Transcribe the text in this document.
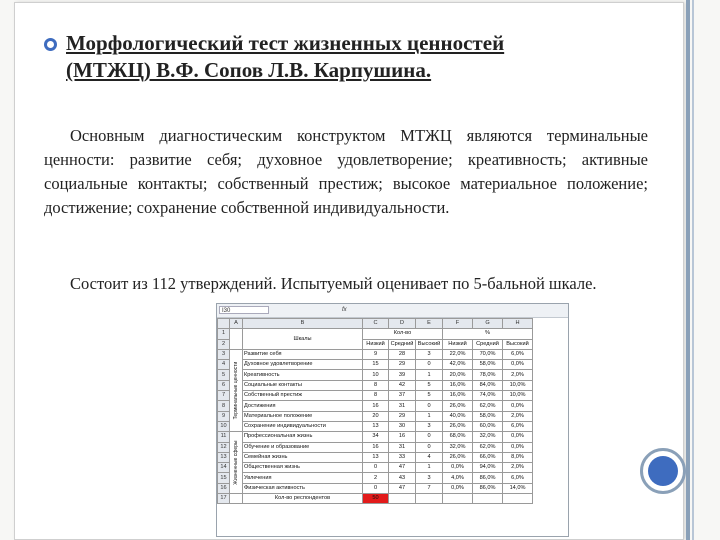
Морфологический тест жизненных ценностей (МТЖЦ) В.Ф. Сопов Л.В. Карпушина.
Основным диагностическим конструктом МТЖЦ являются терминальные ценности: развитие себя; духовное удовлетворение; креативность; активные социальные контакты; собственный престиж; высокое материальное положение; достижение; сохранение собственной индивидуальности.
Состоит из 112 утверждений. Испытуемый оценивает по 5-бальной шкале.
I30	fx
	A	B	C	D	E	F	G	H
1		Шкалы	Кол-во			%		
2			Низкий	Средний	Высокий	Низкий	Средний	Высокий
3	Терминальные ценности	Развитие себя	9	28	3	22,0%	70,0%	6,0%
4		Духовное удовлетворение	15	29	0	42,0%	58,0%	0,0%
5		Креативность	10	39	1	20,0%	78,0%	2,0%
6		Социальные контакты	8	42	5	16,0%	84,0%	10,0%
7		Собственный престиж	8	37	5	16,0%	74,0%	10,0%
8		Достижения	16	31	0	26,0%	62,0%	0,0%
9		Материальное положение	20	29	1	40,0%	58,0%	2,0%
10		Сохранение индивидуальности	13	30	3	26,0%	60,0%	6,0%
11	Жизненные сферы	Профессиональная жизнь	34	16	0	68,0%	32,0%	0,0%
12		Обучение и образование	16	31	0	32,0%	62,0%	0,0%
13		Семейная жизнь	13	33	4	26,0%	66,0%	8,0%
14		Общественная жизнь	0	47	1	0,0%	94,0%	2,0%
15		Увлечения	2	43	3	4,0%	86,0%	6,0%
16		Физическая активность	0	47	7	0,0%	86,0%	14,0%
17		Кол-во респондентов	50					
